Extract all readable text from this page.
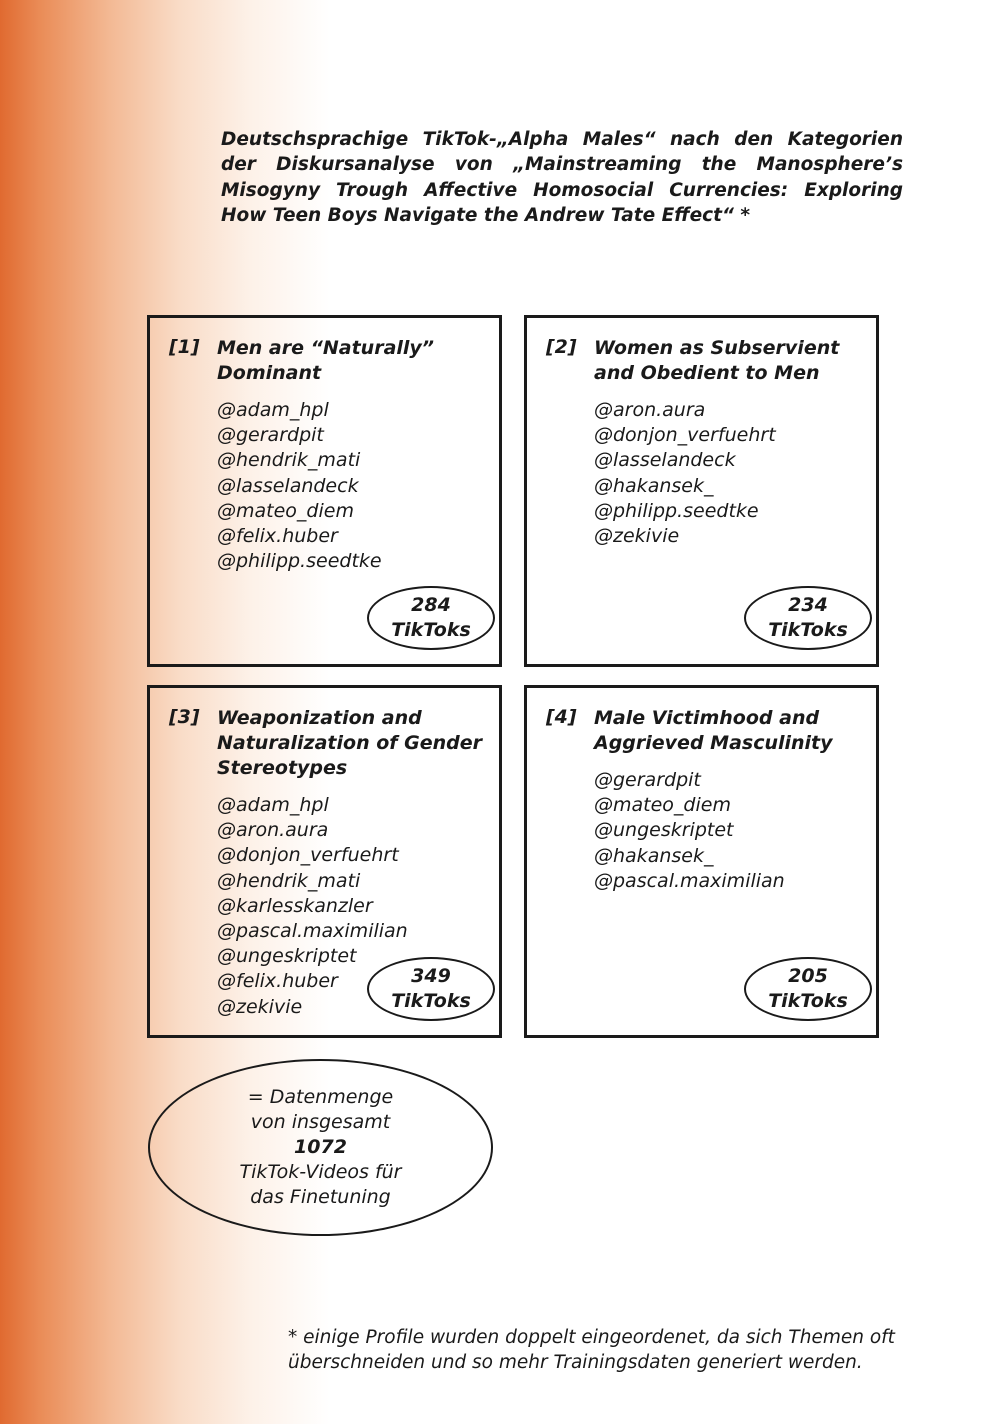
Deutschsprachige TikTok-„Alpha Males“ nach den Kategorien der Diskursanalyse von „Mainstreaming the Manosphere’s Misogyny Trough Affective Homosocial Currencies: Exploring How Teen Boys Navigate the Andrew Tate Effect“ *

[1] Men are “Naturally” Dominant

@adam_hpl
@gerardpit
@hendrik_mati
@lasselandeck
@mateo_diem
@felix.huber
@philipp.seedtke
284
TikToks
[2] Women as Subservient and Obedient to Men

@aron.aura
@donjon_verfuehrt
@lasselandeck
@hakansek_
@philipp.seedtke
@zekivie
234
TikToks
[3] Weaponization and Naturalization of Gender Stereotypes

@adam_hpl
@aron.aura
@donjon_verfuehrt
@hendrik_mati
@karlesskanzler
@pascal.maximilian
@ungeskriptet
@felix.huber
@zekivie
349
TikToks
[4] Male Victimhood and Aggrieved Masculinity

@gerardpit
@mateo_diem
@ungeskriptet
@hakansek_
@pascal.maximilian
205
TikToks
= Datenmenge
von insgesamt
1072
TikTok-Videos für
das Finetuning

* einige Profile wurden doppelt eingeordenet, da sich Themen oft überschneiden und so mehr Trainingsdaten generiert werden.
